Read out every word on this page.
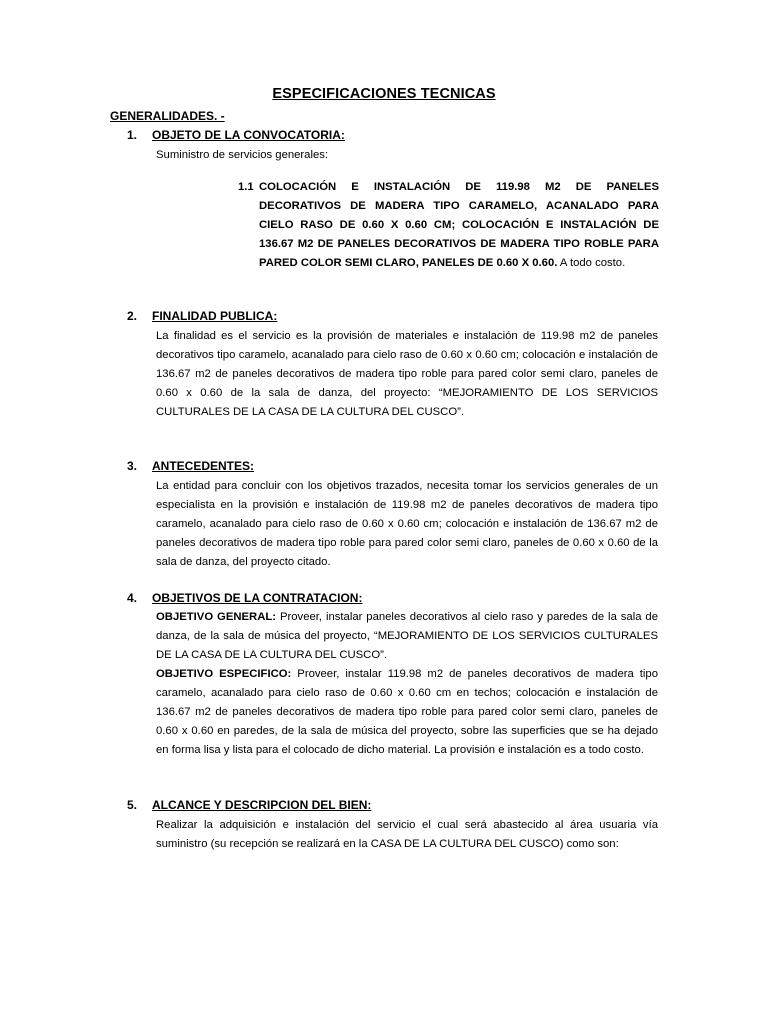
ESPECIFICACIONES TECNICAS
GENERALIDADES. -
1. OBJETO DE LA CONVOCATORIA:
Suministro de servicios generales:
1.1 COLOCACIÓN E INSTALACIÓN DE 119.98 M2 DE PANELES DECORATIVOS DE MADERA TIPO CARAMELO, ACANALADO PARA CIELO RASO DE 0.60 X 0.60 CM; COLOCACIÓN E INSTALACIÓN DE 136.67 M2 DE PANELES DECORATIVOS DE MADERA TIPO ROBLE PARA PARED COLOR SEMI CLARO, PANELES DE 0.60 X 0.60. A todo costo.
2. FINALIDAD PUBLICA:
La finalidad es el servicio es la provisión de materiales e instalación de 119.98 m2 de paneles decorativos tipo caramelo, acanalado para cielo raso de 0.60 x 0.60 cm; colocación e instalación de 136.67 m2 de paneles decorativos de madera tipo roble para pared color semi claro, paneles de 0.60 x 0.60 de la sala de danza, del proyecto: “MEJORAMIENTO DE LOS SERVICIOS CULTURALES DE LA CASA DE LA CULTURA DEL CUSCO”.
3. ANTECEDENTES:
La entidad para concluir con los objetivos trazados, necesita tomar los servicios generales de un especialista en la provisión e instalación de 119.98 m2 de paneles decorativos de madera tipo caramelo, acanalado para cielo raso de 0.60 x 0.60 cm; colocación e instalación de 136.67 m2 de paneles decorativos de madera tipo roble para pared color semi claro, paneles de 0.60 x 0.60 de la sala de danza, del proyecto citado.
4. OBJETIVOS DE LA CONTRATACION:
OBJETIVO GENERAL: Proveer, instalar paneles decorativos al cielo raso y paredes de la sala de danza, de la sala de música del proyecto, “MEJORAMIENTO DE LOS SERVICIOS CULTURALES DE LA CASA DE LA CULTURA DEL CUSCO”.
OBJETIVO ESPECIFICO: Proveer, instalar 119.98 m2 de paneles decorativos de madera tipo caramelo, acanalado para cielo raso de 0.60 x 0.60 cm en techos; colocación e instalación de 136.67 m2 de paneles decorativos de madera tipo roble para pared color semi claro, paneles de 0.60 x 0.60 en paredes, de la sala de música del proyecto, sobre las superficies que se ha dejado en forma lisa y lista para el colocado de dicho material. La provisión e instalación es a todo costo.
5. ALCANCE Y DESCRIPCION DEL BIEN:
Realizar la adquisición e instalación del servicio el cual será abastecido al área usuaria vía suministro (su recepción se realizará en la CASA DE LA CULTURA DEL CUSCO) como son:
